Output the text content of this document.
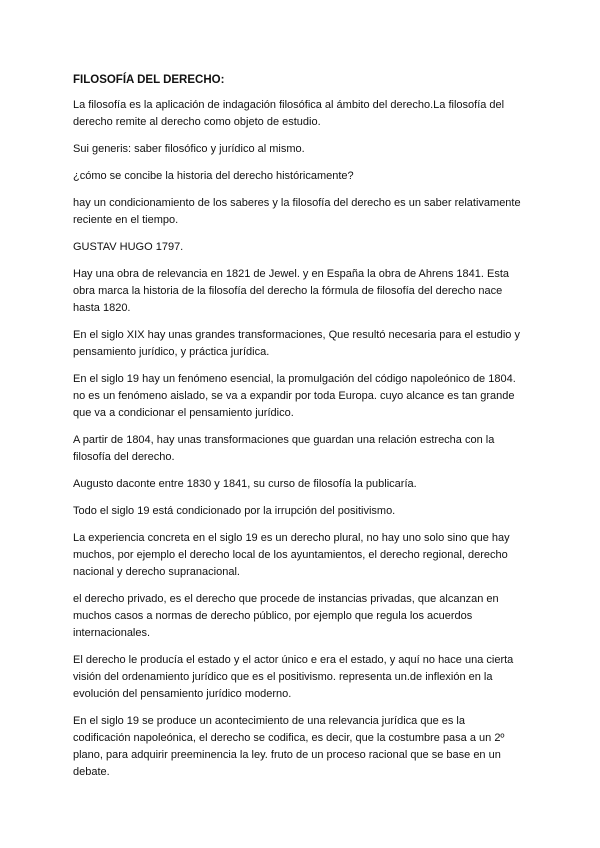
FILOSOFÍA DEL DERECHO:
La filosofía es la aplicación de indagación filosófica al ámbito del derecho.La filosofía del
derecho remite al derecho como objeto de estudio.
Sui generis: saber filosófico y jurídico al mismo.
¿cómo se concibe la historia del derecho históricamente?
hay un condicionamiento de los saberes y la filosofía del derecho es un saber relativamente
reciente en el tiempo.
GUSTAV HUGO 1797.
Hay una obra de relevancia en 1821 de Jewel. y en España la obra de Ahrens 1841. Esta
obra marca la historia de la filosofía del derecho la fórmula de filosofía del derecho nace
hasta 1820.
En el siglo XIX hay unas grandes transformaciones, Que resultó necesaria para el estudio y
pensamiento jurídico, y práctica jurídica.
En el siglo 19 hay un fenómeno esencial, la promulgación del código napoleónico de 1804.
no es un fenómeno aislado, se va a expandir por toda Europa. cuyo alcance es tan grande
que va a condicionar el pensamiento jurídico.
A partir de 1804, hay unas transformaciones que guardan una relación estrecha con la
filosofía del derecho.
Augusto daconte entre 1830 y 1841, su curso de filosofía la publicaría.
Todo el siglo 19 está condicionado por la irrupción del positivismo.
La experiencia concreta en el siglo 19 es un derecho plural, no hay uno solo sino que hay
muchos, por ejemplo el derecho local de los ayuntamientos, el derecho regional, derecho
nacional y derecho supranacional.
el derecho privado, es el derecho que procede de instancias privadas, que alcanzan en
muchos casos a normas de derecho público, por ejemplo que regula los acuerdos
internacionales.
El derecho le producía el estado y el actor único e era el estado, y aquí no hace una cierta
visión del ordenamiento jurídico que es el positivismo. representa un.de inflexión en la
evolución del pensamiento jurídico moderno.
En el siglo 19 se produce un acontecimiento de una relevancia jurídica que es la
codificación napoleónica, el derecho se codifica, es decir, que la costumbre pasa a un 2º
plano, para adquirir preeminencia la ley. fruto de un proceso racional que se base en un
debate.
